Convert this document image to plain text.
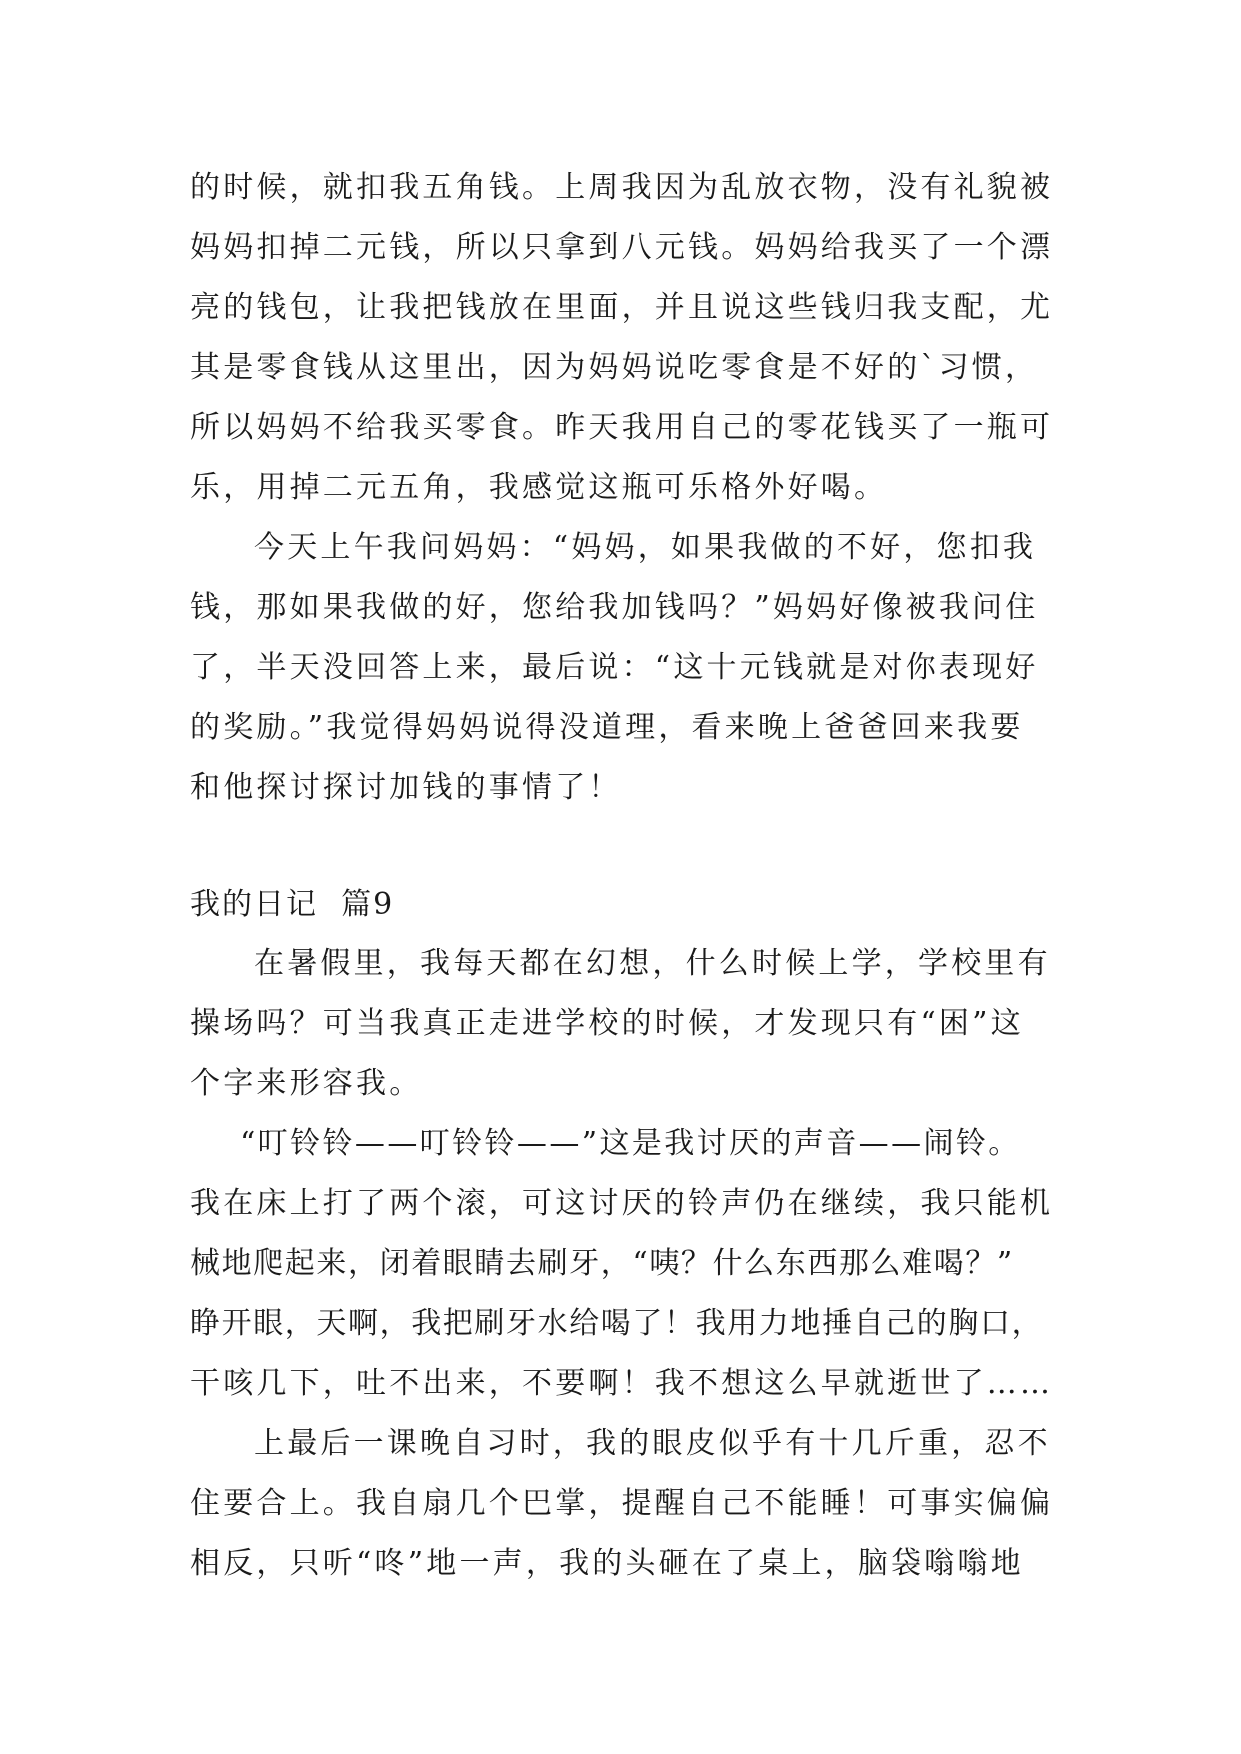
的时候，就扣我五角钱。上周我因为乱放衣物，没有礼貌被
妈妈扣掉二元钱，所以只拿到八元钱。妈妈给我买了一个漂
亮的钱包，让我把钱放在里面，并且说这些钱归我支配，尤
其是零食钱从这里出，因为妈妈说吃零食是不好的`习惯，
所以妈妈不给我买零食。昨天我用自己的零花钱买了一瓶可
乐，用掉二元五角，我感觉这瓶可乐格外好喝。
今天上午我问妈妈：“妈妈，如果我做的不好，您扣我
钱，那如果我做的好，您给我加钱吗？”妈妈好像被我问住
了，半天没回答上来，最后说：“这十元钱就是对你表现好
的奖励。”我觉得妈妈说得没道理，看来晚上爸爸回来我要
和他探讨探讨加钱的事情了！
我的日记  篇9
在暑假里，我每天都在幻想，什么时候上学，学校里有
操场吗？可当我真正走进学校的时候，才发现只有“困”这
个字来形容我。
“叮铃铃——叮铃铃——”这是我讨厌的声音——闹铃。
我在床上打了两个滚，可这讨厌的铃声仍在继续，我只能机
械地爬起来，闭着眼睛去刷牙，“咦？什么东西那么难喝？”
睁开眼，天啊，我把刷牙水给喝了！我用力地捶自己的胸口，
干咳几下，吐不出来，不要啊！我不想这么早就逝世了……
上最后一课晚自习时，我的眼皮似乎有十几斤重，忍不
住要合上。我自扇几个巴掌，提醒自己不能睡！可事实偏偏
相反，只听“咚”地一声，我的头砸在了桌上，脑袋嗡嗡地
